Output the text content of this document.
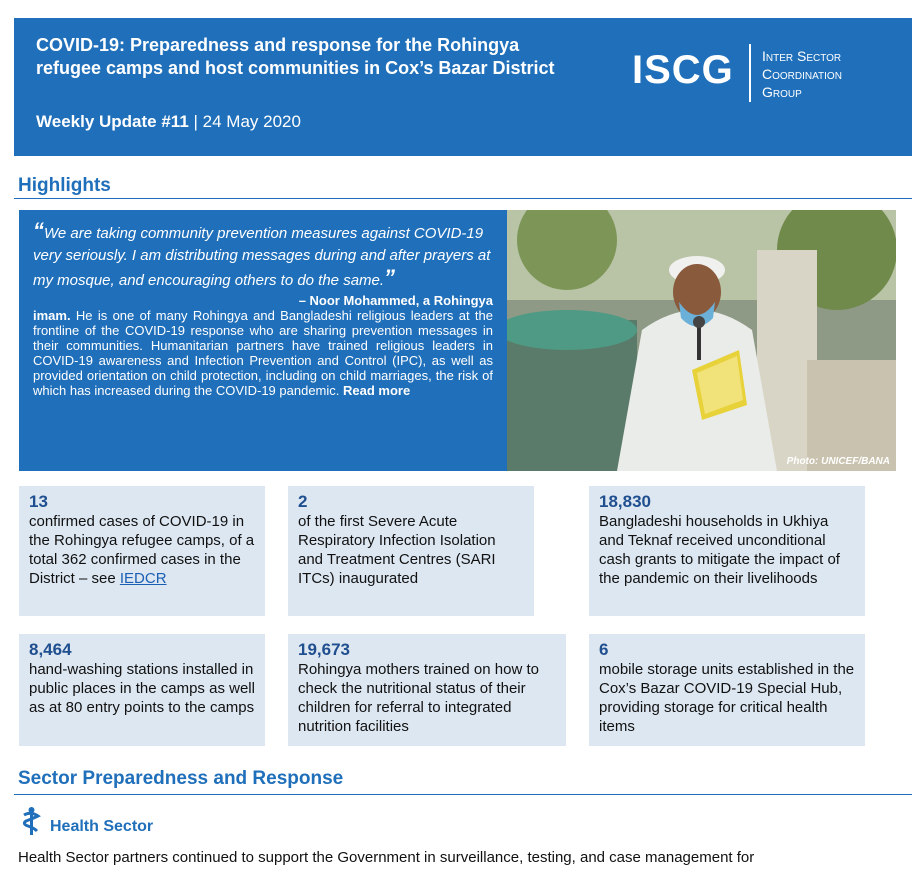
COVID-19: Preparedness and response for the Rohingya refugee camps and host communities in Cox’s Bazar District
Weekly Update #11 | 24 May 2020
ISCG Inter Sector
Coordination
Group
Highlights
“We are taking community prevention measures against COVID-19 very seriously. I am distributing messages during and after prayers at my mosque, and encouraging others to do the same.”
– Noor Mohammed, a Rohingya
imam. He is one of many Rohingya and Bangladeshi religious leaders at the frontline of the COVID-19 response who are sharing prevention messages in their communities. Humanitarian partners have trained religious leaders in COVID-19 awareness and Infection Prevention and Control (IPC), as well as provided orientation on child protection, including on child marriages, the risk of which has increased during the COVID-19 pandemic. Read more
Photo: UNICEF/BANA
13
confirmed cases of COVID-19 in the Rohingya refugee camps, of a total 362 confirmed cases in the District – see IEDCR
2
of the first Severe Acute Respiratory Infection Isolation and Treatment Centres (SARI ITCs) inaugurated
18,830
Bangladeshi households in Ukhiya and Teknaf received unconditional cash grants to mitigate the impact of the pandemic on their livelihoods
8,464
hand-washing stations installed in public places in the camps as well as at 80 entry points to the camps
19,673
Rohingya mothers trained on how to check the nutritional status of their children for referral to integrated nutrition facilities
6
mobile storage units established in the Cox’s Bazar COVID-19 Special Hub, providing storage for critical health items
Sector Preparedness and Response
Health Sector
Health Sector partners continued to support the Government in surveillance, testing, and case management for
